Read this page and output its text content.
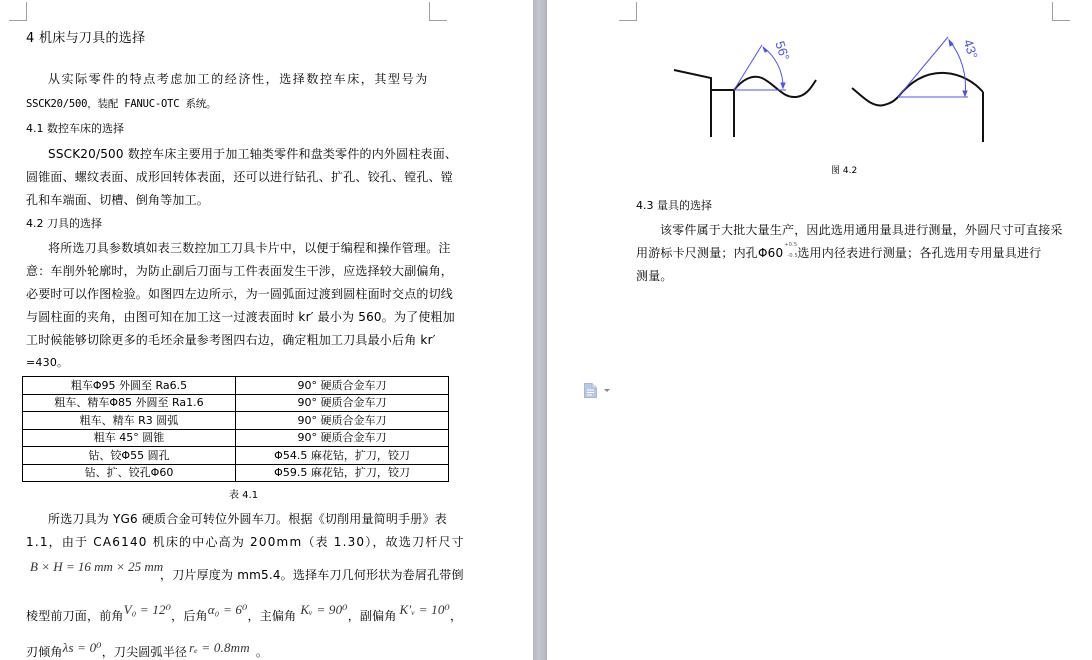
4 机床与刀具的选择
从实际零件的特点考虑加工的经济性，选择数控车床，其型号为
SSCK20/500，装配 FANUC-OTC 系统。
4.1 数控车床的选择
SSCK20/500 数控车床主要用于加工轴类零件和盘类零件的内外圆柱表面、
圆锥面、螺纹表面、成形回转体表面，还可以进行钻孔、扩孔、铰孔、镗孔、镗
孔和车端面、切槽、倒角等加工。
4.2 刀具的选择
将所选刀具参数填如表三数控加工刀具卡片中，以便于编程和操作管理。注
意：车削外轮廓时，为防止副后刀面与工件表面发生干涉，应选择较大副偏角，
必要时可以作图检验。如图四左边所示，为一圆弧面过渡到圆柱面时交点的切线
与圆柱面的夹角，由图可知在加工这一过渡表面时 kr′ 最小为 560。为了使粗加
工时候能够切除更多的毛坯余量参考图四右边，确定粗加工刀具最小后角 kr′
=430。
粗车Φ95 外圆至 Ra6.5	90° 硬质合金车刀
粗车、精车Φ85 外圆至 Ra1.6	90° 硬质合金车刀
粗车、精车 R3 圆弧	90° 硬质合金车刀
粗车 45° 圆锥	90° 硬质合金车刀
钻、铰Φ55 圆孔	Φ54.5 麻花钻，扩刀，铰刀
钻、扩、铰孔Φ60	Φ59.5 麻花钻，扩刀，铰刀
表 4.1
所选刀具为 YG6 硬质合金可转位外圆车刀。根据《切削用量简明手册》表
1.1，由于 CA6140 机床的中心高为 200mm（表 1.30），故选刀杆尺寸
B × H = 16 mm × 25 mm
，刀片厚度为 mm5.4。选择车刀几何形状为卷屑孔带倒
棱型前刀面，前角V₀ = 12⁰，后角α₀ = 6⁰，主偏角 Kᵥ = 90⁰，副偏角 K′ᵥ = 10⁰，
刃倾角λs = 0⁰，刀尖圆弧半径 rₑ = 0.8mm 。
56°	43°
图 4.2
4.3 量具的选择
该零件属于大批大量生产，因此选用通用量具进行测量，外圆尺寸可直接采
用游标卡尺测量；内孔Φ60
+0.5
-0.5 选用内径表进行测量；各孔选用专用量具进行
测量。
